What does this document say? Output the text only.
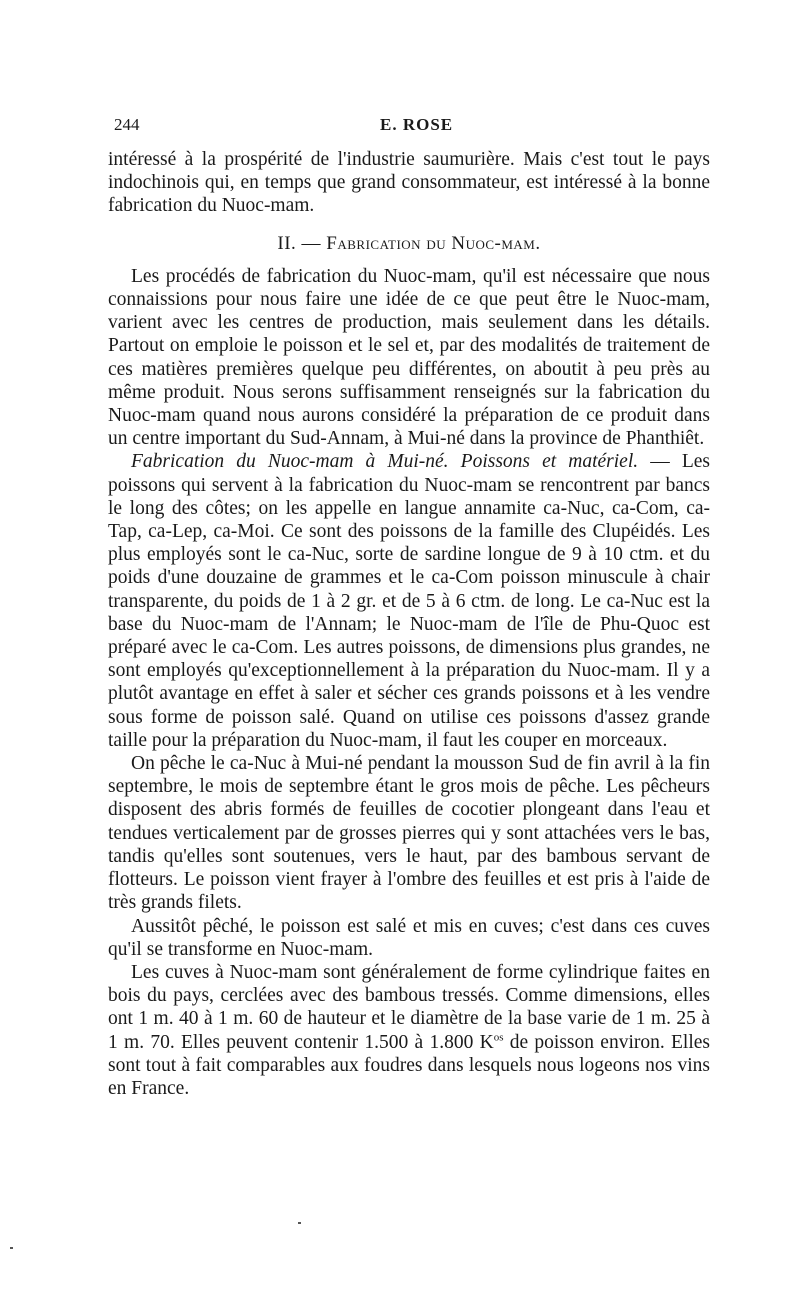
244	E. ROSE

intéressé à la prospérité de l'industrie saumurière. Mais c'est tout le pays indochinois qui, en temps que grand consommateur, est intéressé à la bonne fabrication du Nuoc-mam.

II. — Fabrication du Nuoc-mam.

Les procédés de fabrication du Nuoc-mam, qu'il est nécessaire que nous connaissions pour nous faire une idée de ce que peut être le Nuoc-mam, varient avec les centres de production, mais seulement dans les détails. Partout on emploie le poisson et le sel et, par des modalités de traitement de ces matières premières quelque peu différentes, on aboutit à peu près au même produit. Nous serons suffisamment renseignés sur la fabrication du Nuoc-mam quand nous aurons considéré la préparation de ce produit dans un centre important du Sud-Annam, à Mui-né dans la province de Phanthiêt.

Fabrication du Nuoc-mam à Mui-né. Poissons et matériel. — Les poissons qui servent à la fabrication du Nuoc-mam se rencontrent par bancs le long des côtes; on les appelle en langue annamite ca-Nuc, ca-Com, ca-Tap, ca-Lep, ca-Moi. Ce sont des poissons de la famille des Clupéidés. Les plus employés sont le ca-Nuc, sorte de sardine longue de 9 à 10 ctm. et du poids d'une douzaine de grammes et le ca-Com poisson minuscule à chair transparente, du poids de 1 à 2 gr. et de 5 à 6 ctm. de long. Le ca-Nuc est la base du Nuoc-mam de l'Annam; le Nuoc-mam de l'île de Phu-Quoc est préparé avec le ca-Com. Les autres poissons, de dimensions plus grandes, ne sont employés qu'exceptionnellement à la préparation du Nuoc-mam. Il y a plutôt avantage en effet à saler et sécher ces grands poissons et à les vendre sous forme de poisson salé. Quand on utilise ces poissons d'assez grande taille pour la préparation du Nuoc-mam, il faut les couper en morceaux.

On pêche le ca-Nuc à Mui-né pendant la mousson Sud de fin avril à la fin septembre, le mois de septembre étant le gros mois de pêche. Les pêcheurs disposent des abris formés de feuilles de cocotier plongeant dans l'eau et tendues verticalement par de grosses pierres qui y sont attachées vers le bas, tandis qu'elles sont soutenues, vers le haut, par des bambous servant de flotteurs. Le poisson vient frayer à l'ombre des feuilles et est pris à l'aide de très grands filets.

Aussitôt pêché, le poisson est salé et mis en cuves; c'est dans ces cuves qu'il se transforme en Nuoc-mam.

Les cuves à Nuoc-mam sont généralement de forme cylindrique faites en bois du pays, cerclées avec des bambous tressés. Comme dimensions, elles ont 1 m. 40 à 1 m. 60 de hauteur et le diamètre de la base varie de 1 m. 25 à 1 m. 70. Elles peuvent contenir 1.500 à 1.800 $K^{os}$ de poisson environ. Elles sont tout à fait comparables aux foudres dans lesquels nous logeons nos vins en France.
